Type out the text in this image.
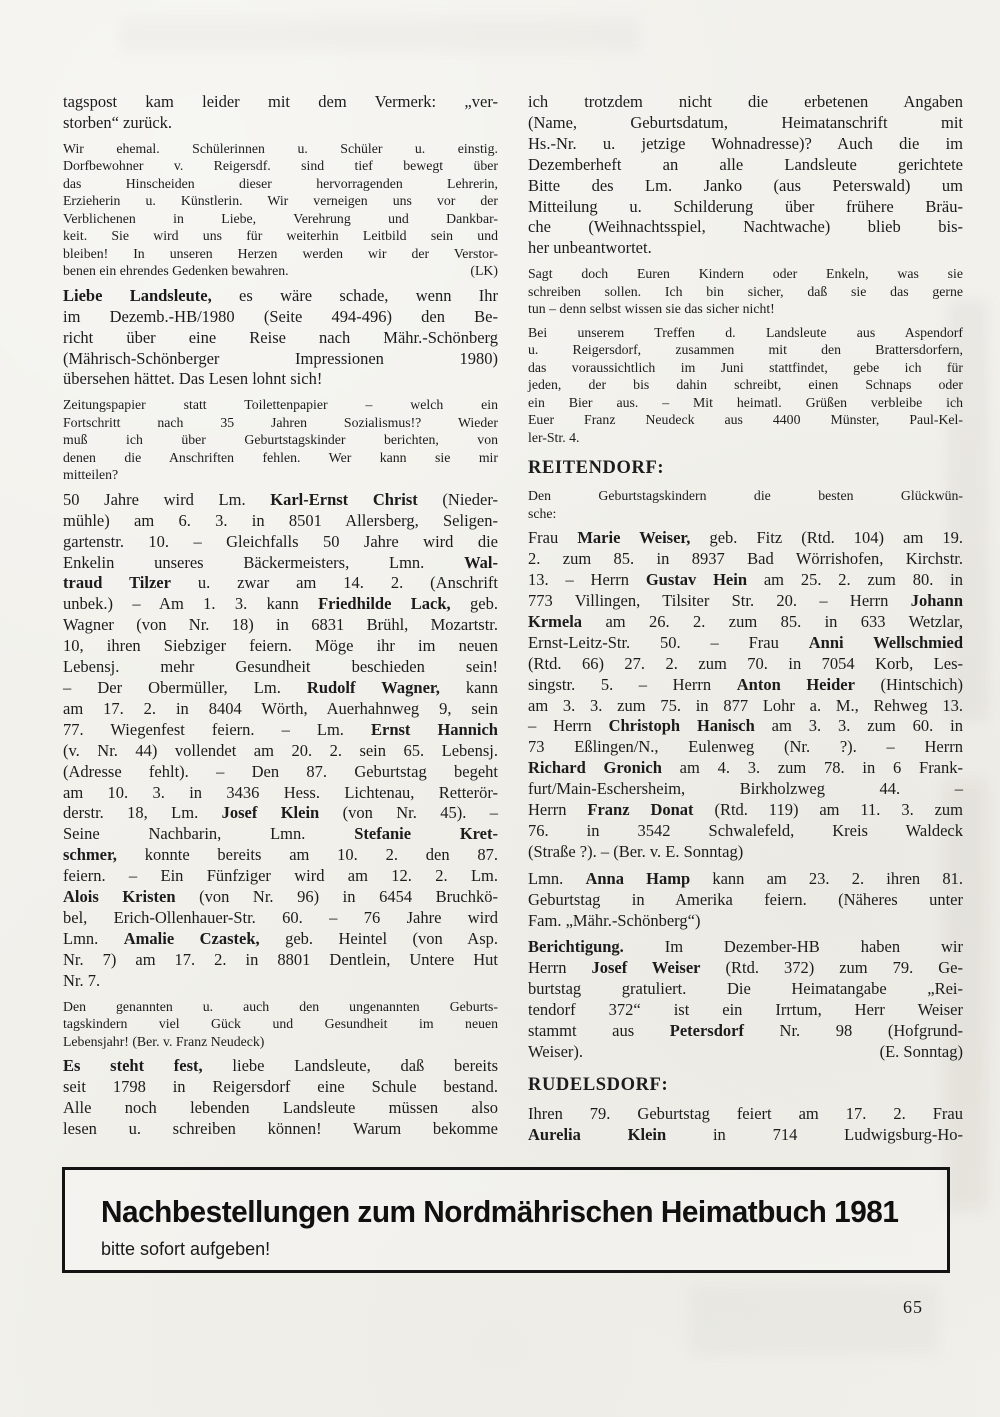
tagspost kam leider mit dem Vermerk: „ver-
storben“ zurück.

Wir ehemal. Schülerinnen u. Schüler u. einstig.
Dorfbewohner v. Reigersdf. sind tief bewegt über
das Hinscheiden dieser hervorragenden Lehrerin,
Erzieherin u. Künstlerin. Wir verneigen uns vor der
Verblichenen in Liebe, Verehrung und Dankbar-
keit. Sie wird uns für weiterhin Leitbild sein und
bleiben! In unseren Herzen werden wir der Verstor-
benen ein ehrendes Gedenken bewahren.	(LK)

Liebe Landsleute, es wäre schade, wenn Ihr
im Dezemb.-HB/1980 (Seite 494-496) den Be-
richt über eine Reise nach Mähr.-Schönberg
(Mährisch-Schönberger Impressionen 1980)
übersehen hättet. Das Lesen lohnt sich!

Zeitungspapier statt Toilettenpapier – welch ein
Fortschritt nach 35 Jahren Sozialismus!? Wieder
muß ich über Geburtstagskinder berichten, von
denen die Anschriften fehlen. Wer kann sie mir
mitteilen?

50 Jahre wird Lm. Karl-Ernst Christ (Nieder-
mühle) am 6. 3. in 8501 Allersberg, Seligen-
gartenstr. 10. – Gleichfalls 50 Jahre wird die
Enkelin unseres Bäckermeisters, Lmn. Wal-
traud Tilzer u. zwar am 14. 2. (Anschrift
unbek.) – Am 1. 3. kann Friedhilde Lack, geb.
Wagner (von Nr. 18) in 6831 Brühl, Mozartstr.
10, ihren Siebziger feiern. Möge ihr im neuen
Lebensj. mehr Gesundheit beschieden sein!
– Der Obermüller, Lm. Rudolf Wagner, kann
am 17. 2. in 8404 Wörth, Auerhahnweg 9, sein
77. Wiegenfest feiern. – Lm. Ernst Hannich
(v. Nr. 44) vollendet am 20. 2. sein 65. Lebensj.
(Adresse fehlt). – Den 87. Geburtstag begeht
am 10. 3. in 3436 Hess. Lichtenau, Retterör-
derstr. 18, Lm. Josef Klein (von Nr. 45). –
Seine Nachbarin, Lmn. Stefanie Kret-
schmer, konnte bereits am 10. 2. den 87.
feiern. – Ein Fünfziger wird am 12. 2. Lm.
Alois Kristen (von Nr. 96) in 6454 Bruchkö-
bel, Erich-Ollenhauer-Str. 60. – 76 Jahre wird
Lmn. Amalie Czastek, geb. Heintel (von Asp.
Nr. 7) am 17. 2. in 8801 Dentlein, Untere Hut
Nr. 7.

Den genannten u. auch den ungenannten Geburts-
tagskindern viel Gück und Gesundheit im neuen
Lebensjahr! (Ber. v. Franz Neudeck)

Es steht fest, liebe Landsleute, daß bereits
seit 1798 in Reigersdorf eine Schule bestand.
Alle noch lebenden Landsleute müssen also
lesen u. schreiben können! Warum bekomme

ich trotzdem nicht die erbetenen Angaben
(Name, Geburtsdatum, Heimatanschrift mit
Hs.-Nr. u. jetzige Wohnadresse)? Auch die im
Dezemberheft an alle Landsleute gerichtete
Bitte des Lm. Janko (aus Peterswald) um
Mitteilung u. Schilderung über frühere Bräu-
che (Weihnachtsspiel, Nachtwache) blieb bis-
her unbeantwortet.

Sagt doch Euren Kindern oder Enkeln, was sie
schreiben sollen. Ich bin sicher, daß sie das gerne
tun – denn selbst wissen sie das sicher nicht!

Bei unserem Treffen d. Landsleute aus Aspendorf
u. Reigersdorf, zusammen mit den Brattersdorfern,
das voraussichtlich im Juni stattfindet, gebe ich für
jeden, der bis dahin schreibt, einen Schnaps oder
ein Bier aus. – Mit heimatl. Grüßen verbleibe ich
Euer Franz Neudeck aus 4400 Münster, Paul-Kel-
ler-Str. 4.

REITENDORF:

Den Geburtstagskindern die besten Glückwün-
sche:

Frau Marie Weiser, geb. Fitz (Rtd. 104) am 19.
2. zum 85. in 8937 Bad Wörrishofen, Kirchstr.
13. – Herrn Gustav Hein am 25. 2. zum 80. in
773 Villingen, Tilsiter Str. 20. – Herrn Johann
Krmela am 26. 2. zum 85. in 633 Wetzlar,
Ernst-Leitz-Str. 50. – Frau Anni Wellschmied
(Rtd. 66) 27. 2. zum 70. in 7054 Korb, Les-
singstr. 5. – Herrn Anton Heider (Hintschich)
am 3. 3. zum 75. in 877 Lohr a. M., Rehweg 13.
– Herrn Christoph Hanisch am 3. 3. zum 60. in
73 Eßlingen/N., Eulenweg (Nr. ?). – Herrn
Richard Gronich am 4. 3. zum 78. in 6 Frank-
furt/Main-Eschersheim, Birkholzweg 44. –
Herrn Franz Donat (Rtd. 119) am 11. 3. zum
76. in 3542 Schwalefeld, Kreis Waldeck
(Straße ?). – (Ber. v. E. Sonntag)

Lmn. Anna Hamp kann am 23. 2. ihren 81.
Geburtstag in Amerika feiern. (Näheres unter
Fam. „Mähr.-Schönberg“)

Berichtigung. Im Dezember-HB haben wir
Herrn Josef Weiser (Rtd. 372) zum 79. Ge-
burtstag gratuliert. Die Heimatangabe „Rei-
tendorf 372“ ist ein Irrtum, Herr Weiser
stammt aus Petersdorf Nr. 98 (Hofgrund-
Weiser).	(E. Sonntag)

RUDELSDORF:

Ihren 79. Geburtstag feiert am 17. 2. Frau
Aurelia Klein in 714 Ludwigsburg-Ho-

Nachbestellungen zum Nordmährischen Heimatbuch 1981
bitte sofort aufgeben!
65
